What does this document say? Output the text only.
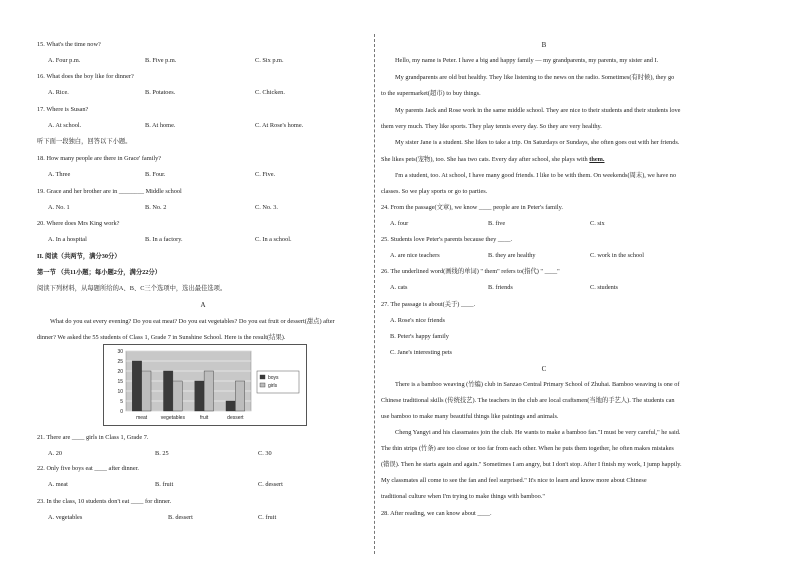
15. What's the time now?
A. Four p.m.	B. Five p.m.	C. Six p.m.
16. What does the boy like for dinner?
A. Rice.	B. Potatoes.	C. Chicken.
17. Where is Susan?
A. At school.	B. At home.	C. At Rose's home.
听下面一段独白，回答以下小题。
18. How many people are there in Grace' family?
A. Three	B. Four.	C. Five.
19. Grace and her brother are in ________ Middle school
A. No. 1	B. No. 2	C. No. 3.
20. Where does Mrs King work?
A. In a hospital	B. In a factory.	C. In a school.
II. 阅读（共两节，满分30分）
第一节 （共11小题；每小题2分，满分22分）
阅读下列材料，从每题所给的A、B、C三个选项中，选出最佳选项。
A
What do you eat every evening? Do you eat meat? Do you eat vegetables? Do you eat fruit or dessert(甜点) after
dinner? We asked the 55 students of Class 1, Grade 7 in Sunshine School. Here is the result(结果).
0
5
10
15
20
25
30
meat	vegetables	fruit	dessert
boys
girls
21. There are ____ girls in Class 1, Grade 7.
A. 20	B. 25	C. 30
22. Only five boys eat ____ after dinner.
A. meat	B. fruit	C. dessert
23. In the class, 10 students don't eat ____ for dinner.
A. vegetables	B. dessert	C. fruit
B
Hello, my name is Peter. I have a big and happy family — my grandparents, my parents, my sister and I.
My grandparents are old but healthy. They like listening to the news on the radio. Sometimes(有时候), they go
to the supermarket(超市) to buy things.
My parents Jack and Rose work in the same middle school. They are nice to their students and their students love
them very much. They like sports. They play tennis every day. So they are very healthy.
My sister Jane is a student. She likes to take a trip. On Saturdays or Sundays, she often goes out with her friends.
She likes pets(宠物), too. She has two cats. Every day after school, she plays with them.
I'm a student, too. At school, I have many good friends. I like to be with them. On weekends(周末), we have no
classes. So we play sports or go to parties.
24. From the passage(文章), we know ____ people are in Peter's family.
A. four	B. five	C. six
25. Students love Peter's parents because they ____.
A. are nice teachers	B. they are healthy	C. work in the school
26. The underlined word(画线的单词) " them" refers to(指代) " ____"
A. cats	B. friends	C. students
27. The passage is about(关于) ____.
A. Rose's nice friends
B. Peter's happy family
C. Jane's interesting pets
C
There is a bamboo weaving (竹编) club in Sanzao Central Primary School of Zhuhai. Bamboo weaving is one of
Chinese traditional skills (传统技艺). The teachers in the club are local craftsmen(当地的手艺人). The students can
use bamboo to make many beautiful things like paintings and animals.
Cheng Yangyi and his classmates join the club. He wants to make a bamboo fan."I must be very careful," he said.
The thin strips (竹条) are too close or too far from each other. When he puts them together, he often makes mistakes
(错误). Then he starts again and again." Sometimes I am angry, but I don't stop. After I finish my work, I jump happily.
My classmates all come to see the fan and feel surprised." It's nice to learn and know more about Chinese
traditional culture when I'm trying to make things with bamboo."
28. After reading, we can know about ____.
